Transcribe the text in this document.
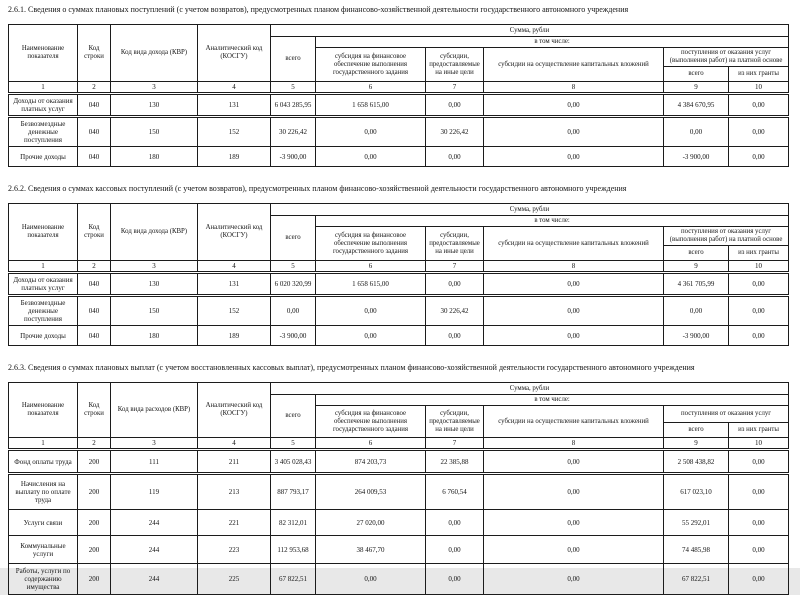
2.6.1. Сведения о суммах плановых поступлений (с учетом возвратов), предусмотренных планом финансово-хозяйственной деятельности государственного автономного учреждения

Наименование показателя	Код строки	Код вида дохода (КВР)	Аналитический код (КОСГУ)	Сумма, рубли					
				всего	в том числе:				
					субсидия на финансовое обеспечение выполнения государственного задания	субсидии, предоставляемые на иные цели	субсидии на осуществление капитальных вложений	поступления от оказания услуг (выполнения работ) на платной основе	
								всего	из них гранты
1	2	3	4	5	6	7	8	9	10
Доходы от оказания платных услуг	040	130	131	6 043 285,95	1 658 615,00	0,00	0,00	4 384 670,95	0,00
Безвозмездные денежные поступления	040	150	152	30 226,42	0,00	30 226,42	0,00	0,00	0,00
Прочие доходы	040	180	189	-3 900,00	0,00	0,00	0,00	-3 900,00	0,00

2.6.2. Сведения о суммах кассовых поступлений (с учетом возвратов), предусмотренных планом финансово-хозяйственной деятельности государственного автономного учреждения

Наименование показателя	Код строки	Код вида дохода (КВР)	Аналитический код (КОСГУ)	Сумма, рубли					
				всего	в том числе:				
					субсидия на финансовое обеспечение выполнения государственного задания	субсидии, предоставляемые на иные цели	субсидии на осуществление капитальных вложений	поступления от оказания услуг (выполнения работ) на платной основе	
								всего	из них гранты
1	2	3	4	5	6	7	8	9	10
Доходы от оказания платных услуг	040	130	131	6 020 320,99	1 658 615,00	0,00	0,00	4 361 705,99	0,00
Безвозмездные денежные поступления	040	150	152	0,00	0,00	30 226,42	0,00	0,00	0,00
Прочие доходы	040	180	189	-3 900,00	0,00	0,00	0,00	-3 900,00	0,00

2.6.3. Сведения о суммах плановых выплат (с учетом восстановленных кассовых выплат), предусмотренных планом финансово-хозяйственной деятельности государственного автономного учреждения

Наименование показателя	Код строки	Код вида расходов (КВР)	Аналитический код (КОСГУ)	Сумма, рубли					
				всего	в том числе:				
					субсидия на финансовое обеспечение выполнения государственного задания	субсидии, предоставляемые на иные цели	субсидии на осуществление капитальных вложений	поступления от оказания услуг	
								всего	из них гранты
1	2	3	4	5	6	7	8	9	10
Фонд оплаты труда	200	111	211	3 405 028,43	874 203,73	22 385,88	0,00	2 508 438,82	0,00
Начисления на выплату по оплате труда	200	119	213	887 793,17	264 009,53	6 760,54	0,00	617 023,10	0,00
Услуги связи	200	244	221	82 312,01	27 020,00	0,00	0,00	55 292,01	0,00
Коммунальные услуги	200	244	223	112 953,68	38 467,70	0,00	0,00	74 485,98	0,00
Работы, услуги по содержанию имущества	200	244	225	67 822,51	0,00	0,00	0,00	67 822,51	0,00
